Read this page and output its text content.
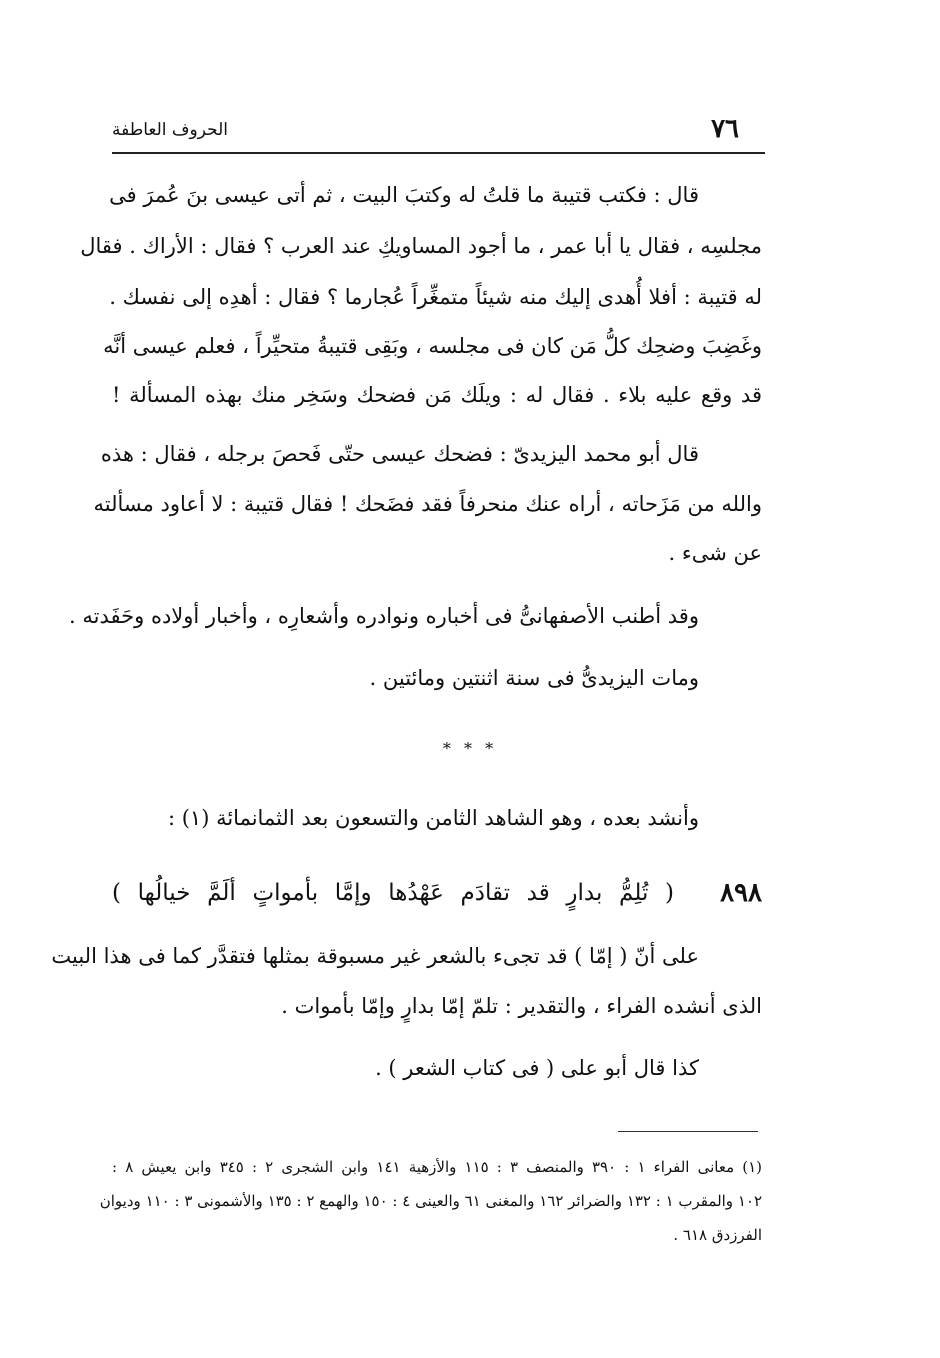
٧٦
الحروف العاطفة
قال : فكتب قتيبة ما قلتُ له وكتبَ البيت ، ثم أتى عيسى بنَ عُمرَ فى
مجلسِه ، فقال يا أبا عمر ، ما أجود المساويكِ عند العرب ؟ فقال : الأراك . فقال
له قتيبة : أفلا أُهدى إليك منه شيئاً متمغِّراً عُجارما ؟ فقال : أهدِه إلى نفسك .
وغَضِبَ وضحِك كلُّ مَن كان فى مجلسه ، وبَقِى قتيبةُ متحيِّراً ، فعلم عيسى أنَّه
قد وقع عليه بلاء . فقال له : ويلَك مَن فضحك وسَخِر منك بهذه المسألة !
قال أبو محمد اليزيدىّ : فضحك عيسى حتّى فَحصَ برجله ، فقال : هذه
والله من مَزَحاته ، أراه عنك منحرفاً فقد فضَحك ! فقال قتيبة : لا أعاود مسألته
عن شىء .
وقد أطنب الأصفهانىُّ فى أخباره ونوادره وأشعارِه ، وأخبار أولاده وحَفَدته .
ومات اليزيدىُّ فى سنة اثنتين ومائتين .
* * *
وأنشد بعده ، وهو الشاهد الثامن والتسعون بعد الثمانمائة (١) :
٨٩٨
( تُلِمُّ بدارٍ قد تقادَم عَهْدُها وإمَّا بأمواتٍ ألَمَّ خيالُها )
على أنّ ( إمّا ) قد تجىء بالشعر غير مسبوقة بمثلها فتقدَّر كما فى هذا البيت
الذى أنشده الفراء ، والتقدير : تلمّ إمّا بدارٍ وإمّا بأموات .
كذا قال أبو على ( فى كتاب الشعر ) .
(١) معانى الفراء ١ : ٣٩٠ والمنصف ٣ : ١١٥ والأزهية ١٤١ وابن الشجرى ٢ : ٣٤٥ وابن يعيش ٨ :
١٠٢ والمقرب ١ : ١٣٢ والضرائر ١٦٢ والمغنى ٦١ والعينى ٤ : ١٥٠ والهمع ٢ : ١٣٥ والأشمونى ٣ : ١١٠ وديوان
الفرزدق ٦١٨ .
